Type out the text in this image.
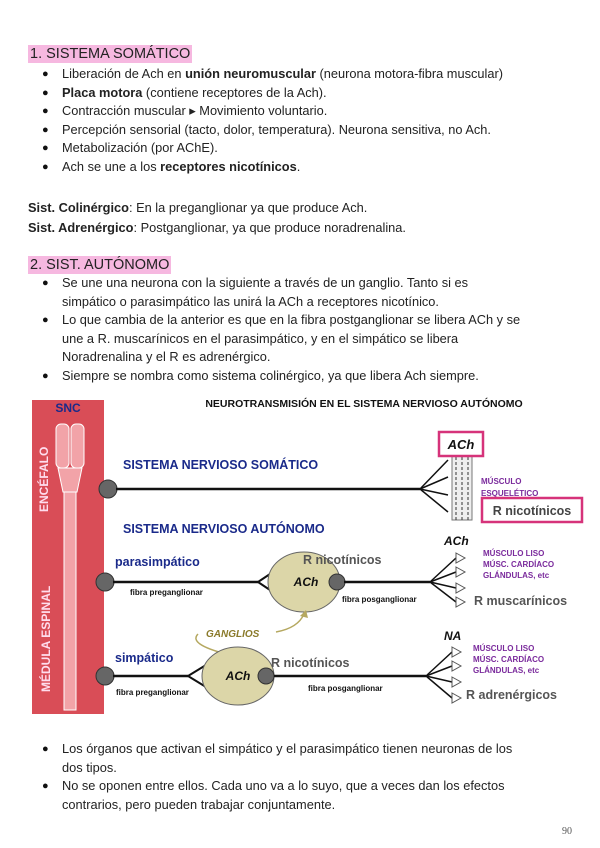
1. SISTEMA SOMÁTICO
● Liberación de Ach en unión neuromuscular (neurona motora-fibra muscular)
● Placa motora (contiene receptores de la Ach).
● Contracción muscular ▸ Movimiento voluntario.
● Percepción sensorial (tacto, dolor, temperatura). Neurona sensitiva, no Ach.
● Metabolización (por AChE).
● Ach se une a los receptores nicotínicos.
Sist. Colinérgico: En la preganglionar ya que produce Ach.
Sist. Adrenérgico: Postganglionar, ya que produce noradrenalina.
2. SIST. AUTÓNOMO
● Se une una neurona con la siguiente a través de un ganglio. Tanto si es
simpático o parasimpático las unirá la ACh a receptores nicotínico.
● Lo que cambia de la anterior es que en la fibra postganglionar se libera ACh y se
une a R. muscarínicos en el parasimpático, y en el simpático se libera
Noradrenalina y el R es adrenérgico.
● Siempre se nombra como sistema colinérgico, ya que libera Ach siempre.
SNC
ENCÉFALO
MÉDULA ESPINAL
NEUROTRANSMISIÓN EN EL SISTEMA NERVIOSO AUTÓNOMO
SISTEMA NERVIOSO SOMÁTICO
ACh
MÚSCULO
ESQUELÉTICO
R nicotínicos
SISTEMA NERVIOSO AUTÓNOMO
parasimpático
fibra preganglionar
ACh
R nicotínicos
fibra posganglionar
ACh
MÚSCULO LISO
MÚSC. CARDÍACO
GLÁNDULAS, etc
R muscarínicos
GANGLIOS
simpático
fibra preganglionar
ACh
R nicotínicos
fibra posganglionar
NA
MÚSCULO LISO
MÚSC. CARDÍACO
GLÁNDULAS, etc
R adrenérgicos
● Los órganos que activan el simpático y el parasimpático tienen neuronas de los
dos tipos.
● No se oponen entre ellos. Cada uno va a lo suyo, que a veces dan los efectos
contrarios, pero pueden trabajar conjuntamente.
90
